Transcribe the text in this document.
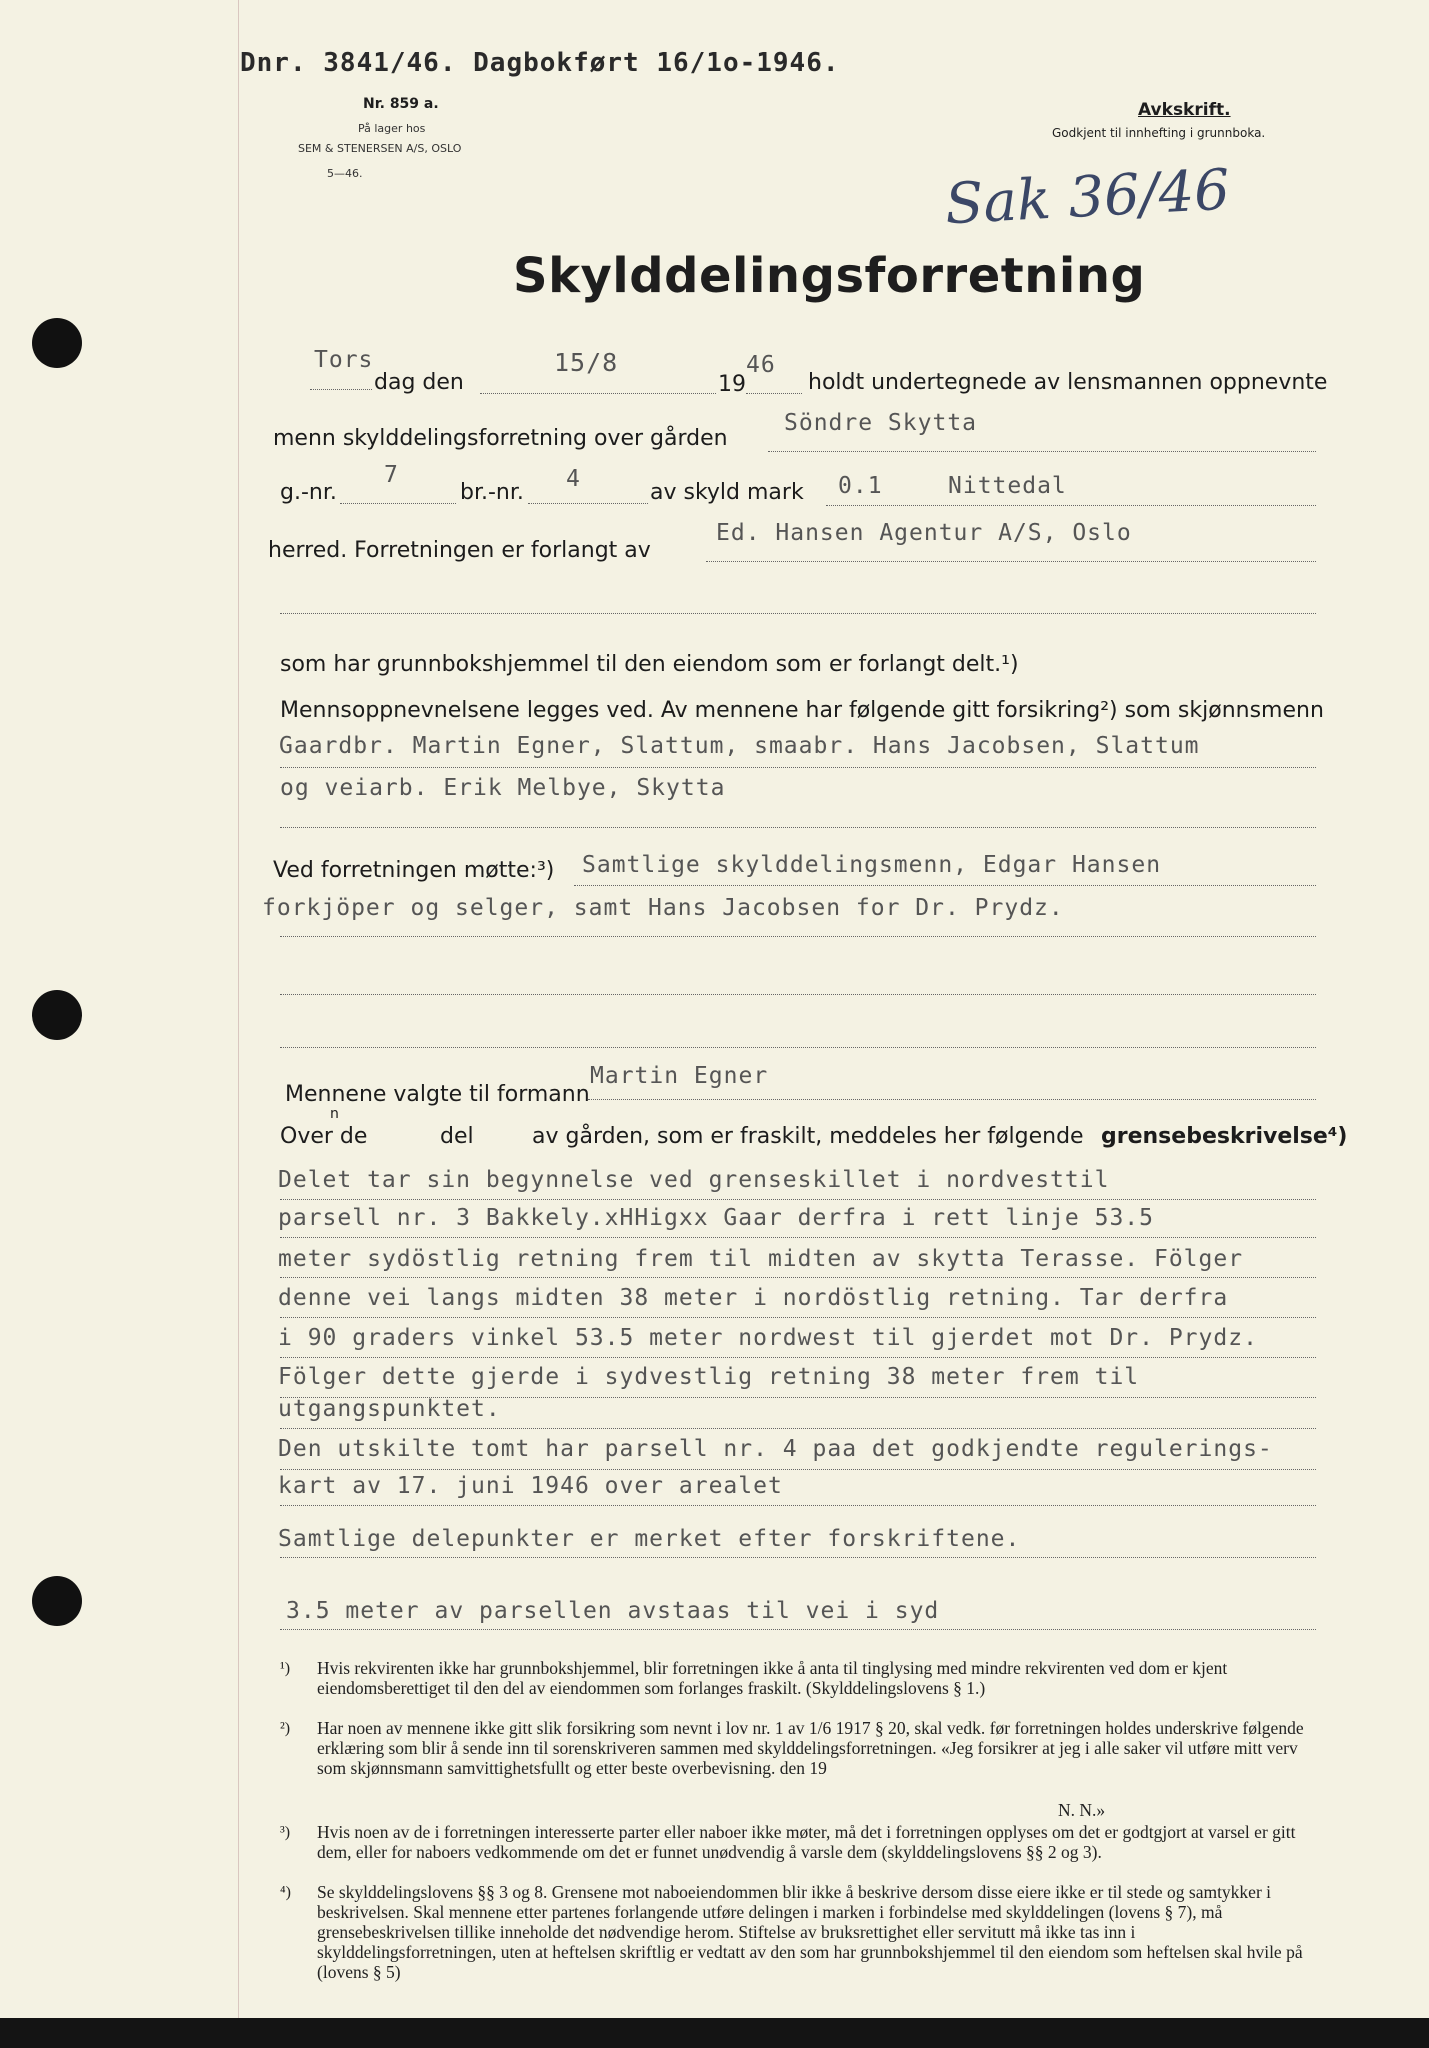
Dnr. 3841/46. Dagbokført 16/1o-1946.
Nr. 859 a.
På lager hos
SEM & STENERSEN A/S, OSLO
5—46.
Avkskrift.
Godkjent til innhefting i grunnboka.
Sak 36/46
Skylddelingsforretning
Tors
dag den
15/8
19
46
holdt undertegnede av lensmannen oppnevnte
menn skylddelingsforretning over gården
Söndre Skytta
g.-nr.
7
br.-nr.
4
av skyld mark 0.1	Nittedal
herred. Forretningen er forlangt av
Ed. Hansen Agentur A/S, Oslo
som har grunnbokshjemmel til den eiendom som er forlangt delt.¹)
Mennsoppnevnelsene legges ved. Av mennene har følgende gitt forsikring²) som skjønnsmenn
Gaardbr. Martin Egner, Slattum, smaabr. Hans Jacobsen, Slattum
og veiarb. Erik Melbye, Skytta
Ved forretningen møtte:³) Samtlige skylddelingsmenn, Edgar Hansen
forkjöper og selger, samt Hans Jacobsen for Dr. Prydz.
Mennene valgte til formann
Martin Egner
Over de
n
del	av gården, som er fraskilt, meddeles her følgende grensebeskrivelse⁴)
Delet tar sin begynnelse ved grenseskillet i nordvesttil
parsell nr. 3 Bakkely.xHHigxx Gaar derfra i rett linje 53.5
meter sydöstlig retning frem til midten av skytta Terasse. Fölger
denne vei langs midten 38 meter i nordöstlig retning. Tar derfra
i 90 graders vinkel 53.5 meter nordwest til gjerdet mot Dr. Prydz.
Fölger dette gjerde i sydvestlig retning 38 meter frem til
utgangspunktet.
Den utskilte tomt har parsell nr. 4 paa det godkjendte regulerings-
kart av 17. juni 1946 over arealet
Samtlige delepunkter er merket efter forskriftene.
3.5 meter av parsellen avstaas til vei i syd
¹) Hvis rekvirenten ikke har grunnbokshjemmel, blir forretningen ikke å anta til tinglysing med mindre rekvirenten ved dom er kjent eiendomsberettiget til den del av eiendommen som forlanges fraskilt. (Skylddelingslovens § 1.)
²) Har noen av mennene ikke gitt slik forsikring som nevnt i lov nr. 1 av 1/6 1917 § 20, skal vedk. før forretningen holdes underskrive følgende erklæring som blir å sende inn til sorenskriveren sammen med skylddelingsforretningen. «Jeg forsikrer at jeg i alle saker vil utføre mitt verv som skjønnsmann samvittighetsfullt og etter beste overbevisning. den 19
N. N.»
³) Hvis noen av de i forretningen interesserte parter eller naboer ikke møter, må det i forretningen opplyses om det er godtgjort at varsel er gitt dem, eller for naboers vedkommende om det er funnet unødvendig å varsle dem (skylddelingslovens §§ 2 og 3).
⁴) Se skylddelingslovens §§ 3 og 8. Grensene mot naboeiendommen blir ikke å beskrive dersom disse eiere ikke er til stede og samtykker i beskrivelsen. Skal mennene etter partenes forlangende utføre delingen i marken i forbindelse med skylddelingen (lovens § 7), må grensebeskrivelsen tillike inneholde det nødvendige herom. Stiftelse av bruksrettighet eller servitutt må ikke tas inn i skylddelingsforretningen, uten at heftelsen skriftlig er vedtatt av den som har grunnbokshjemmel til den eiendom som heftelsen skal hvile på (lovens § 5)
